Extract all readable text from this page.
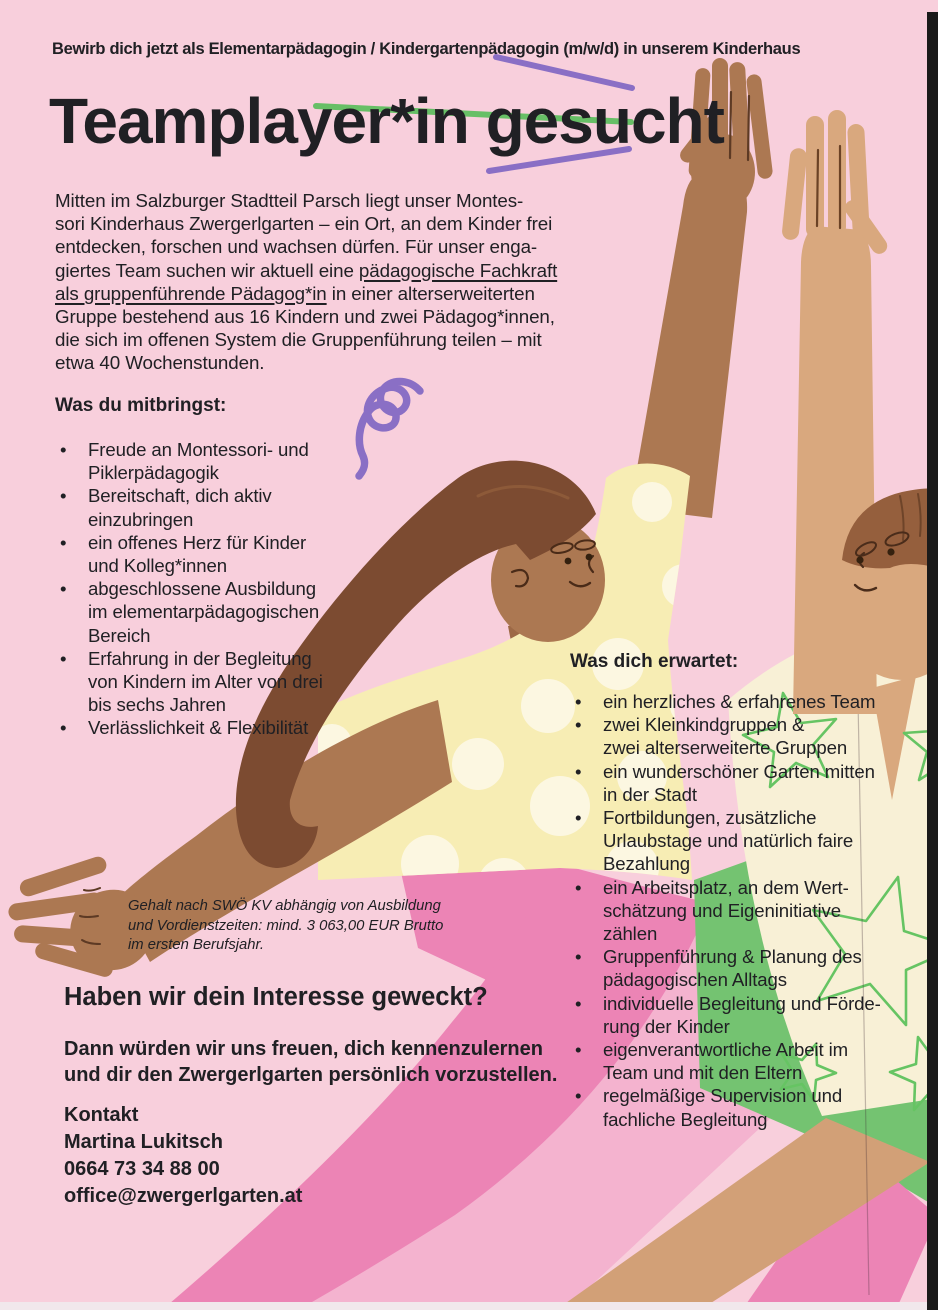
Bewirb dich jetzt als Elementarpädagogin / Kindergartenpädagogin (m/w/d) in unserem Kinderhaus
Teamplayer*in gesucht
Mitten im Salzburger Stadtteil Parsch liegt unser Montes-
sori Kinderhaus Zwergerlgarten – ein Ort, an dem Kinder frei
entdecken, forschen und wachsen dürfen. Für unser enga-
giertes Team suchen wir aktuell eine pädagogische Fachkraft
als gruppenführende Pädagog*in in einer alterserweiterten
Gruppe bestehend aus 16 Kindern und zwei Pädagog*innen,
die sich im offenen System die Gruppenführung teilen – mit
etwa 40 Wochenstunden.
Was du mitbringst:
•	Freude an Montessori- und
Piklerpädagogik
•	Bereitschaft, dich aktiv
einzubringen
•	ein offenes Herz für Kinder
und Kolleg*innen
•	abgeschlossene Ausbildung
im elementarpädagogischen
Bereich
•	Erfahrung in der Begleitung
von Kindern im Alter von drei
bis sechs Jahren
•	Verlässlichkeit & Flexibilität
Was dich erwartet:
•	ein herzliches & erfahrenes Team
•	zwei Kleinkindgruppen &
zwei alterserweiterte Gruppen
•	ein wunderschöner Garten mitten
in der Stadt
•	Fortbildungen, zusätzliche
Urlaubstage und natürlich faire
Bezahlung
•	ein Arbeitsplatz, an dem Wert-
schätzung und Eigeninitiative
zählen
•	Gruppenführung & Planung des
pädagogischen Alltags
•	individuelle Begleitung und Förde-
rung der Kinder
•	eigenverantwortliche Arbeit im
Team und mit den Eltern
•	regelmäßige Supervision und
fachliche Begleitung
Gehalt nach SWÖ KV abhängig von Ausbildung
und Vordienstzeiten: mind. 3 063,00 EUR Brutto
im ersten Berufsjahr.
Haben wir dein Interesse geweckt?
Dann würden wir uns freuen, dich kennenzulernen
und dir den Zwergerlgarten persönlich vorzustellen.
Kontakt
Martina Lukitsch
0664 73 34 88 00
office@zwergerlgarten.at
